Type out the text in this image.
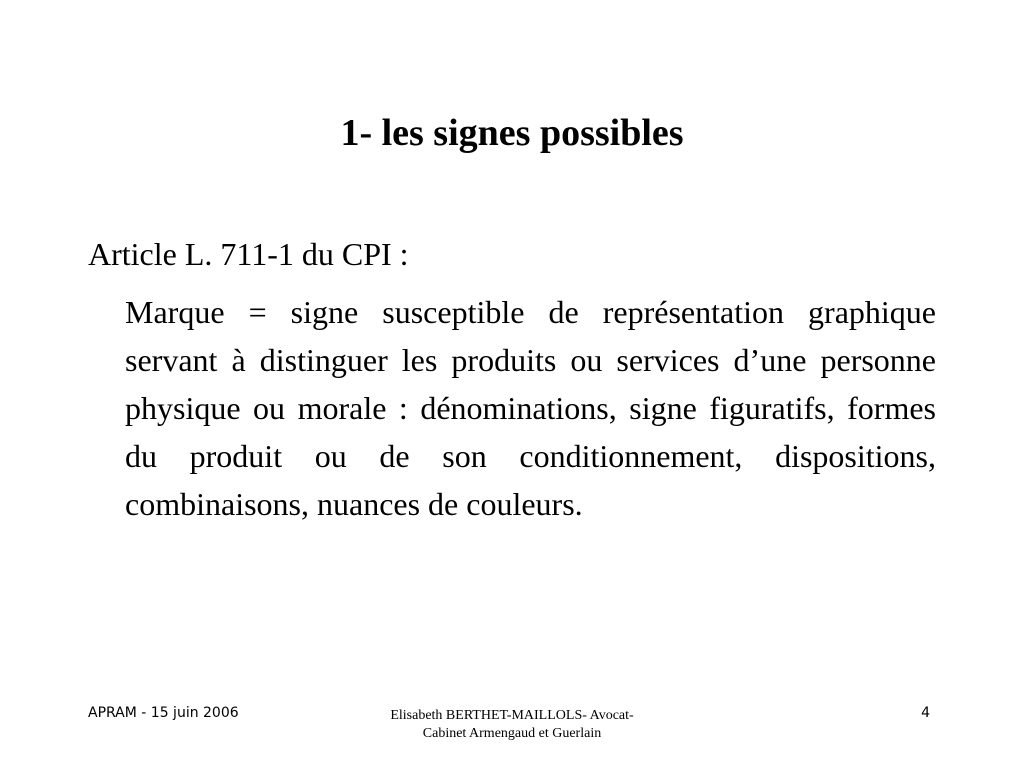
1- les signes possibles

Article L. 711-1 du CPI :

Marque = signe susceptible de représentation graphique servant à distinguer les produits ou services d’une personne physique ou morale : dénominations, signe figuratifs, formes du produit ou de son conditionnement, dispositions, combinaisons, nuances de couleurs.

APRAM - 15 juin 2006	Elisabeth BERTHET-MAILLOLS- Avocat-
Cabinet Armengaud et Guerlain
4
